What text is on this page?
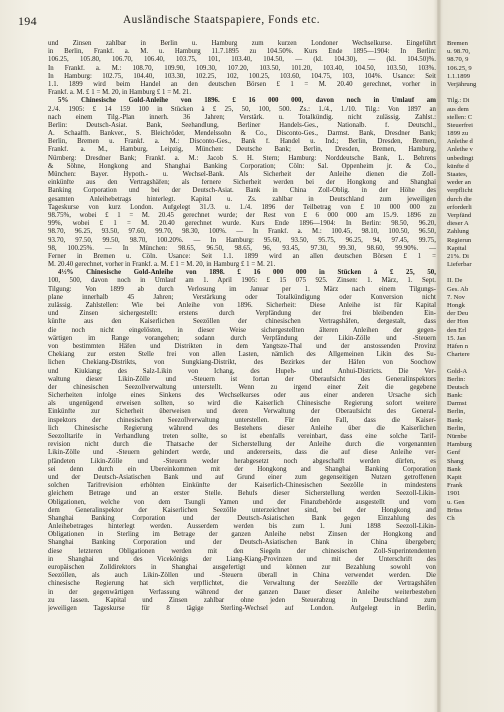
194	Ausländische Staatspapiere, Fonds etc.
und Zinsen zahlbar in Berlin u. Hamburg zum kurzen Londoner Wechselkurse. Eingeführt
in Berlin, Frankf. a. M. u. Hamburg 11.7.1895 zu 104.50%. Kurs Ende 1895—1904: In Berlin:
106.25, 105.80, 106.70, 106.40, 103.75, 101, 103.40, 104.50, — (kl. 104.30), — (kl. 104.50)%.
In Frankf. a. M.: 108.70, 109.90, 109.30, 107.20, 103.50, 101.20, 103.40, 104.50, 103.50, 103%.
In Hamburg: 102.75, 104.40, 103.30, 102.25, 102, 100.25, 103.60, 104.75, 103, 104%. Usance: Seit
1.1. 1899 wird beim Handel an den deutschen Börsen £ 1 = M. 20.40 gerechnet, vorher in
Frankf. a. M. £ 1 = M. 20, in Hamburg £ 1 = M. 21.
5% Chinesische Gold-Anleihe von 1896. £ 16 000 000, davon noch in Umlauf am
2./4. 1905: £ 14 159 100 in Stücken à £ 25, 50, 100, 500. Zs.: 1./4., 1./10. Tilg.: Von 1897 an
nach einem Tilg.-Plan innerh. 36 Jahren; Verstärk. u. Totalkündig. nicht zulässig. Zahlst.:
Berlin: Deutsch-Asiat. Bank, Seehandlung, Berliner Handels-Ges., Nationalb. f. Deutschl.,
A. Schaaffh. Bankver., S. Bleichröder, Mendelssohn & Co., Disconto-Ges., Darmst. Bank, Dresdner Bank;
Berlin, Bremen u. Frankf. a. M.: Disconto-Ges., Bank f. Handel u. Ind.; Berlin, Dresden, Bremen,
Frankf. a. M., Hamburg, Leipzig, München: Deutsche Bank; Berlin, Dresden, Bremen, Hamburg,
Nürnberg: Dresdner Bank; Frankf. a. M.: Jacob S. H. Stern; Hamburg: Norddeutsche Bank, L. Behrens
& Söhne, Hongkong and Shanghai Banking Corporation; Cöln: Sal. Oppenheim jr. & Co.,
München: Bayer. Hypoth.- u. Wechsel-Bank. Als Sicherheit der Anleihe dienen die Zoll-
einkünfte aus den Vertragshäfen; als fernere Sicherheit werden bei der Hongkong and Shanghai
Banking Corporation und bei der Deutsch-Asiat. Bank in China Zoll-Oblig. in der Höhe des
gesamten Anleihebetrags hinterlegt. Kapital u. Zs. zahlbar in Deutschland zum jeweiligen
Tageskurse von kurz London. Aufgelegt 31./3. u. 1./4. 1896 der Teilbetrag von £ 10 000 000 zu
98.75%, wobei £ 1 = M. 20.45 gerechnet wurde; der Rest von £ 6 000 000 am 15./9. 1896 zu
99%, wobei £ 1 = M. 20.40 gerechnet wurde. Kurs Ende 1896—1904: In Berlin: 98.50, 96.20,
98.70, 96.25, 93.50, 97.60, 99.70, 98.30, 100%. — In Frankf. a. M.: 100.45, 98.10, 100.50, 96.50,
93.70, 97.50, 99.50, 98.70, 100.20%. — In Hamburg: 95.60, 93.50, 95.75, 96.25, 94, 97.45, 99.75,
98, 100.25%. — In München: 98.65, 96.50, 98.65, 96, 93.45, 97.30, 99.30, 98.60, 99.90%. —
Ferner in Bremen u. Cöln. Usance: Seit 1.1. 1899 wird an allen deutschen Börsen £ 1 =
M. 20.40 gerechnet, vorher in Frankf. a. M. £ 1 = M. 20, in Hamburg £ 1 = M. 21.
4½% Chinesische Gold-Anleihe von 1898. £ 16 000 000 in Stücken à £ 25, 50,
100, 500, davon noch in Umlauf am 1. April 1905: £ 15 075 925. Zinsen: 1. März, 1. Sept.
Tilgung: Von 1899 ab durch Verlosung im Januar per 1. März nach einem Tilgungs-
plane innerhalb 45 Jahren; Verstärkung oder Totalkündigung oder Konversion nicht
zulässig. Zahlstellen: Wie bei Anleihe von 1896. Sicherheit: Diese Anleihe ist für Kapital
und Zinsen sichergestellt: erstens durch Verpfändung der frei bleibenden Ein-
künfte aus den Kaiserlichen Seezöllen der chinesischen Vertragshäfen, dergestalt, dass
die noch nicht eingelösten, in dieser Weise sichergestellten älteren Anleihen der gegen-
wärtigen im Range vorangehen; sodann durch Verpfändung der Likin-Zölle und -Steuern
von bestimmten Häfen und Distrikten in dem Yangtsze-Thal und der anstossenden Provinz
Chekiang zur ersten Stelle frei von allen Lasten, nämlich des Allgemeinen Likin des Su-
lichen Chekiang-Distrikts, von Sungkiang-Distrikt, des Bezirkes der Häfen von Soochow
und Kiukiang; des Salz-Likin von Ichang, des Hupeh- und Anhui-Districts. Die Ver-
waltung dieser Likin-Zölle und -Steuern ist fortan der Oberaufsicht des Generalinspektors
der chinesischen Seezollverwaltung unterstellt. Wenn zu irgend einer Zeit die gegebene
Sicherheiten infolge eines Sinkens des Wechselkurses oder aus einer anderen Ursache sich
als ungenügend erweisen sollten, so wird die Kaiserlich Chinesische Regierung sofort weitere
Einkünfte zur Sicherheit überweisen und deren Verwaltung der Oberaufsicht des General-
inspektors der chinesischen Seezollverwaltung unterstellen. Für den Fall, dass die Kaiser-
lich Chinesische Regierung während des Bestehens dieser Anleihe über die Kaiserlichen
Seezolltarife in Verhandlung treten sollte, so ist ebenfalls vereinbart, dass eine solche Tarif-
revision nicht durch die Thatsache der Sicherstellung der Anleihe durch die vorgenannten
Likin-Zölle und -Steuern gehindert werde, und andererseits, dass die auf diese Anleihe ver-
pfändeten Likin-Zölle und -Steuern weder herabgesetzt noch abgeschafft werden dürfen, es
sei denn durch ein Übereinkommen mit der Hongkong and Shanghai Banking Corporation
und der Deutsch-Asiatischen Bank und auf Grund einer zum gegenseitigen Nutzen getroffenen
solchen Tarifrevision erhöhten Einkünfte der Kaiserlich-Chinesischen Seezölle in mindestens
gleichem Betrage und an erster Stelle. Behufs dieser Sicherstellung werden Seezoll-Likin-
Obligationen, welche von dem Tsungli Yamen und der Finanzbehörde ausgestellt und vom
dem Generalinspektor der Kaiserlichen Seezölle unterzeichnet sind, bei der Hongkong and
Shanghai Banking Corporation und der Deutsch-Asiatischen Bank gegen Einzahlung des
Anleihebetrages hinterlegt werden. Ausserdem werden bis zum 1. Juni 1898 Seezoll-Likin-
Obligationen in Sterling im Betrage der ganzen Anleihe nebst Zinsen der Hongkong and
Shanghai Banking Corporation und der Deutsch-Asiatischen Bank in China übergeben;
diese letzteren Obligationen werden mit den Siegeln der chinesischen Zoll-Superintendenten
in Shanghai und des Vicekönigs der Liang-Kiang-Provinzen und mit der Unterschrift des
europäischen Zolldirektors in Shanghai ausgefertigt und können zur Bezahlung sowohl von
Seezöllen, als auch Likin-Zöllen und -Steuern überall in China verwendet werden. Die
chinesische Regierung hat sich verpflichtet, die Verwaltung der Seezölle der Vertragshäfen
in der gegenwärtigen Verfassung während der ganzen Dauer dieser Anleihe weiterbestehen
zu lassen. Kapital und Zinsen zahlbar ohne jeden Steuerabzug in Deutschland zum
jeweiligen Tageskurse für 8 tägige Sterling-Wechsel auf London. Aufgelegt in Berlin,
Bremen
u. 98.70,
98.70, 9
106.25, 9
1.1.1899
Verjährung
Tilg.: Di
aus dem
stellen: C
Steuerfrei
1899 zu
Anleihe d
Anleihe v
unbedingt
künfte d
Staates,
weder an
verpflicht
durch die
erforderli
Verpfänd
dieser A
Zahlung
Regierun
Kapital
21%. Di
Lieferbar
II. De
Ges. Ab
7. Nov
Hongk
der Deu
der Hon
den Erl
15. Jan
Häfen n
Chartere
Gold-A
Berlin:
Deutsch
Bank:
Darmst
Berlin,
Bank;
Berlin,
Nürnbe
Hamburg
Genf
Shang
Bank
Kapit
Frank
1901
u. Gen
Brüss
Ch
